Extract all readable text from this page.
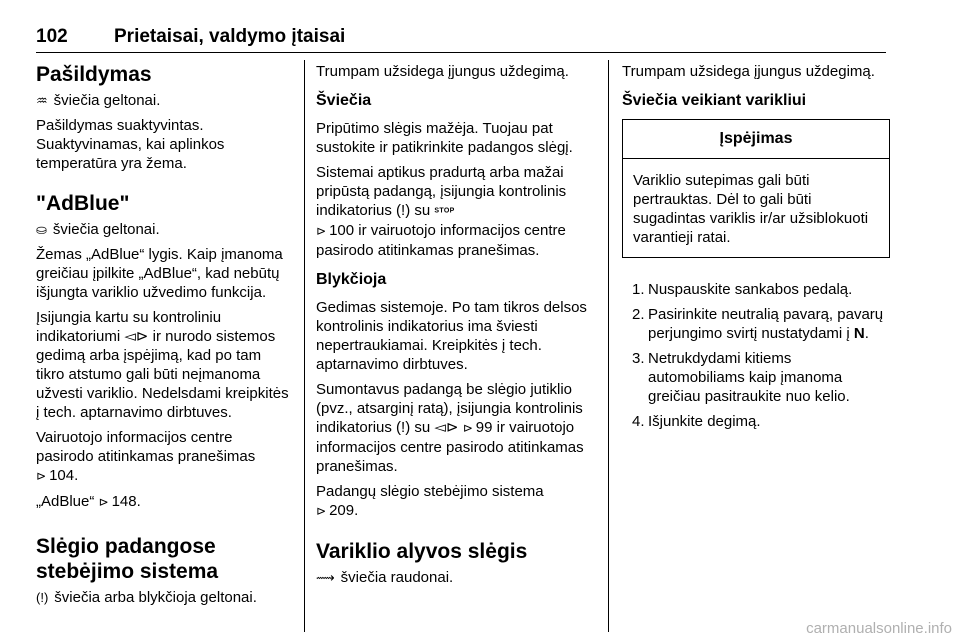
102 Prietaisai, valdymo įtaisai
Pašildymas

♒ šviečia geltonai.

Pašildymas suaktyvintas.

Suaktyvinamas, kai aplinkos temperatūra yra žema.

"AdBlue"

⛀ šviečia geltonai.

Žemas „AdBlue“ lygis. Kaip įmanoma greičiau įpilkite „AdBlue“, kad nebūtų išjungta variklio užvedimo funkcija.

Įsijungia kartu su kontroliniu indikatoriumi ◅⊳ ir nurodo sistemos gedimą arba įspėjimą, kad po tam tikro atstumo gali būti neįmanoma užvesti variklio. Nedelsdami kreipkitės į tech. aptarnavimo dirbtuves.

Vairuotojo informacijos centre pasirodo atitinkamas pranešimas
⊳ 104.

„AdBlue“ ⊳ 148.

Slėgio padangose stebėjimo sistema

(!) šviečia arba blykčioja geltonai.

Trumpam užsidega įjungus uždegimą.

Šviečia

Pripūtimo slėgis mažėja. Tuojau pat sustokite ir patikrinkite padangos slėgį.

Sistemai aptikus pradurtą arba mažai pripūstą padangą, įsijungia kontrolinis indikatorius (!) su STOP
⊳ 100 ir vairuotojo informacijos centre pasirodo atitinkamas pranešimas.

Blykčioja

Gedimas sistemoje. Po tam tikros delsos kontrolinis indikatorius ima šviesti nepertraukiamai. Kreipkitės į tech. aptarnavimo dirbtuves.

Sumontavus padangą be slėgio jutiklio (pvz., atsarginį ratą), įsijungia kontrolinis indikatorius (!) su ◅⊳ ⊳ 99 ir vairuotojo informacijos centre pasirodo atitinkamas pranešimas.

Padangų slėgio stebėjimo sistema
⊳ 209.

Variklio alyvos slėgis

⟿ šviečia raudonai.

Trumpam užsidega įjungus uždegimą.

Šviečia veikiant varikliui
Įspėjimas
Variklio sutepimas gali būti pertrauktas. Dėl to gali būti sugadintas variklis ir/ar užsiblokuoti varantieji ratai.
1. Nuspauskite sankabos pedalą.
2. Pasirinkite neutralią pavarą, pavarų perjungimo svirtį nustatydami į N.
3. Netrukdydami kitiems automobiliams kaip įmanoma greičiau pasitraukite nuo kelio.
4. Išjunkite degimą.
carmanualsonline.info
